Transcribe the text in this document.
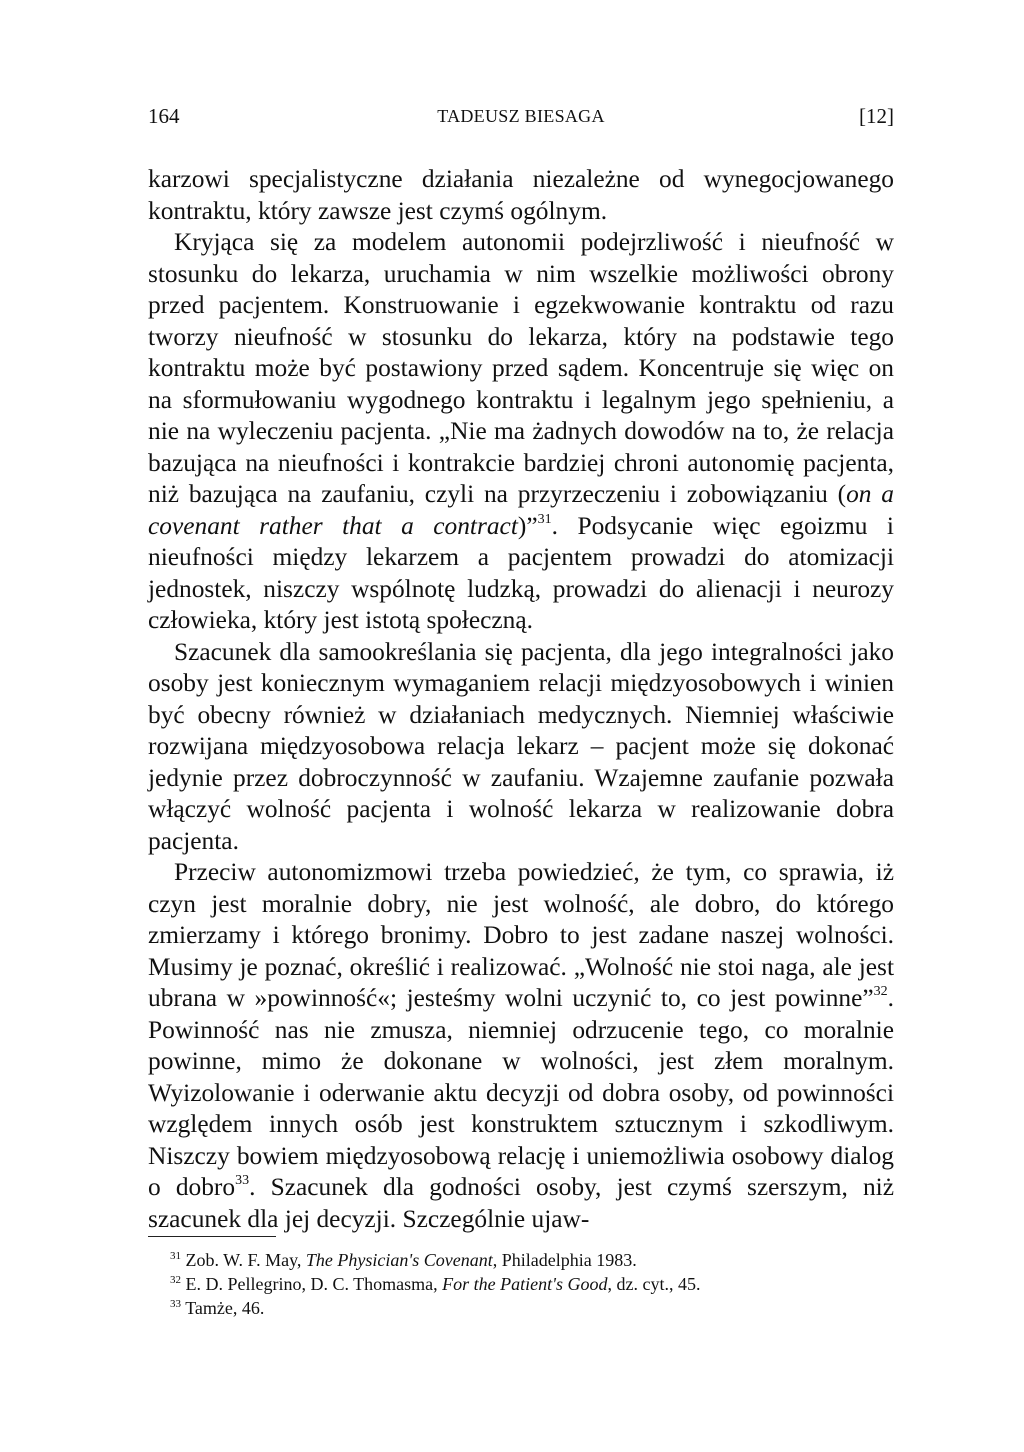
164	TADEUSZ BIESAGA	[12]

karzowi specjalistyczne działania niezależne od wynegocjowanego kontraktu, który zawsze jest czymś ogólnym.

Kryjąca się za modelem autonomii podejrzliwość i nieufność w stosunku do lekarza, uruchamia w nim wszelkie możliwości obrony przed pacjentem. Konstruowanie i egzekwowanie kontraktu od razu tworzy nieufność w stosunku do lekarza, który na podstawie tego kontraktu może być postawiony przed sądem. Koncentruje się więc on na sformułowaniu wygodnego kontraktu i legalnym jego spełnieniu, a nie na wyleczeniu pacjenta. „Nie ma żadnych dowodów na to, że relacja bazująca na nieufności i kontrakcie bardziej chroni autonomię pacjenta, niż bazująca na zaufaniu, czyli na przyrzeczeniu i zobowiązaniu (on a covenant rather that a contract)”$^{31}$. Podsycanie więc egoizmu i nieufności między lekarzem a pacjentem prowadzi do atomizacji jednostek, niszczy wspólnotę ludzką, prowadzi do alienacji i neurozy człowieka, który jest istotą społeczną.

Szacunek dla samookreślania się pacjenta, dla jego integralności jako osoby jest koniecznym wymaganiem relacji międzyosobowych i winien być obecny również w działaniach medycznych. Niemniej właściwie rozwijana międzyosobowa relacja lekarz – pacjent może się dokonać jedynie przez dobroczynność w zaufaniu. Wzajemne zaufanie pozwała włączyć wolność pacjenta i wolność lekarza w realizowanie dobra pacjenta.

Przeciw autonomizmowi trzeba powiedzieć, że tym, co sprawia, iż czyn jest moralnie dobry, nie jest wolność, ale dobro, do którego zmierzamy i którego bronimy. Dobro to jest zadane naszej wolności. Musimy je poznać, określić i realizować. „Wolność nie stoi naga, ale jest ubrana w »powinność«; jesteśmy wolni uczynić to, co jest powinne”$^{32}$. Powinność nas nie zmusza, niemniej odrzucenie tego, co moralnie powinne, mimo że dokonane w wolności, jest złem moralnym. Wyizolowanie i oderwanie aktu decyzji od dobra osoby, od powinności względem innych osób jest konstruktem sztucznym i szkodliwym. Niszczy bowiem międzyosobową relację i uniemożliwia osobowy dialog o dobro$^{33}$. Szacunek dla godności osoby, jest czymś szerszym, niż szacunek dla jej decyzji. Szczególnie ujaw-

$^{31}$ Zob. W. F. May, The Physician's Covenant, Philadelphia 1983.

$^{32}$ E. D. Pellegrino, D. C. Thomasma, For the Patient's Good, dz. cyt., 45.

$^{33}$ Tamże, 46.
